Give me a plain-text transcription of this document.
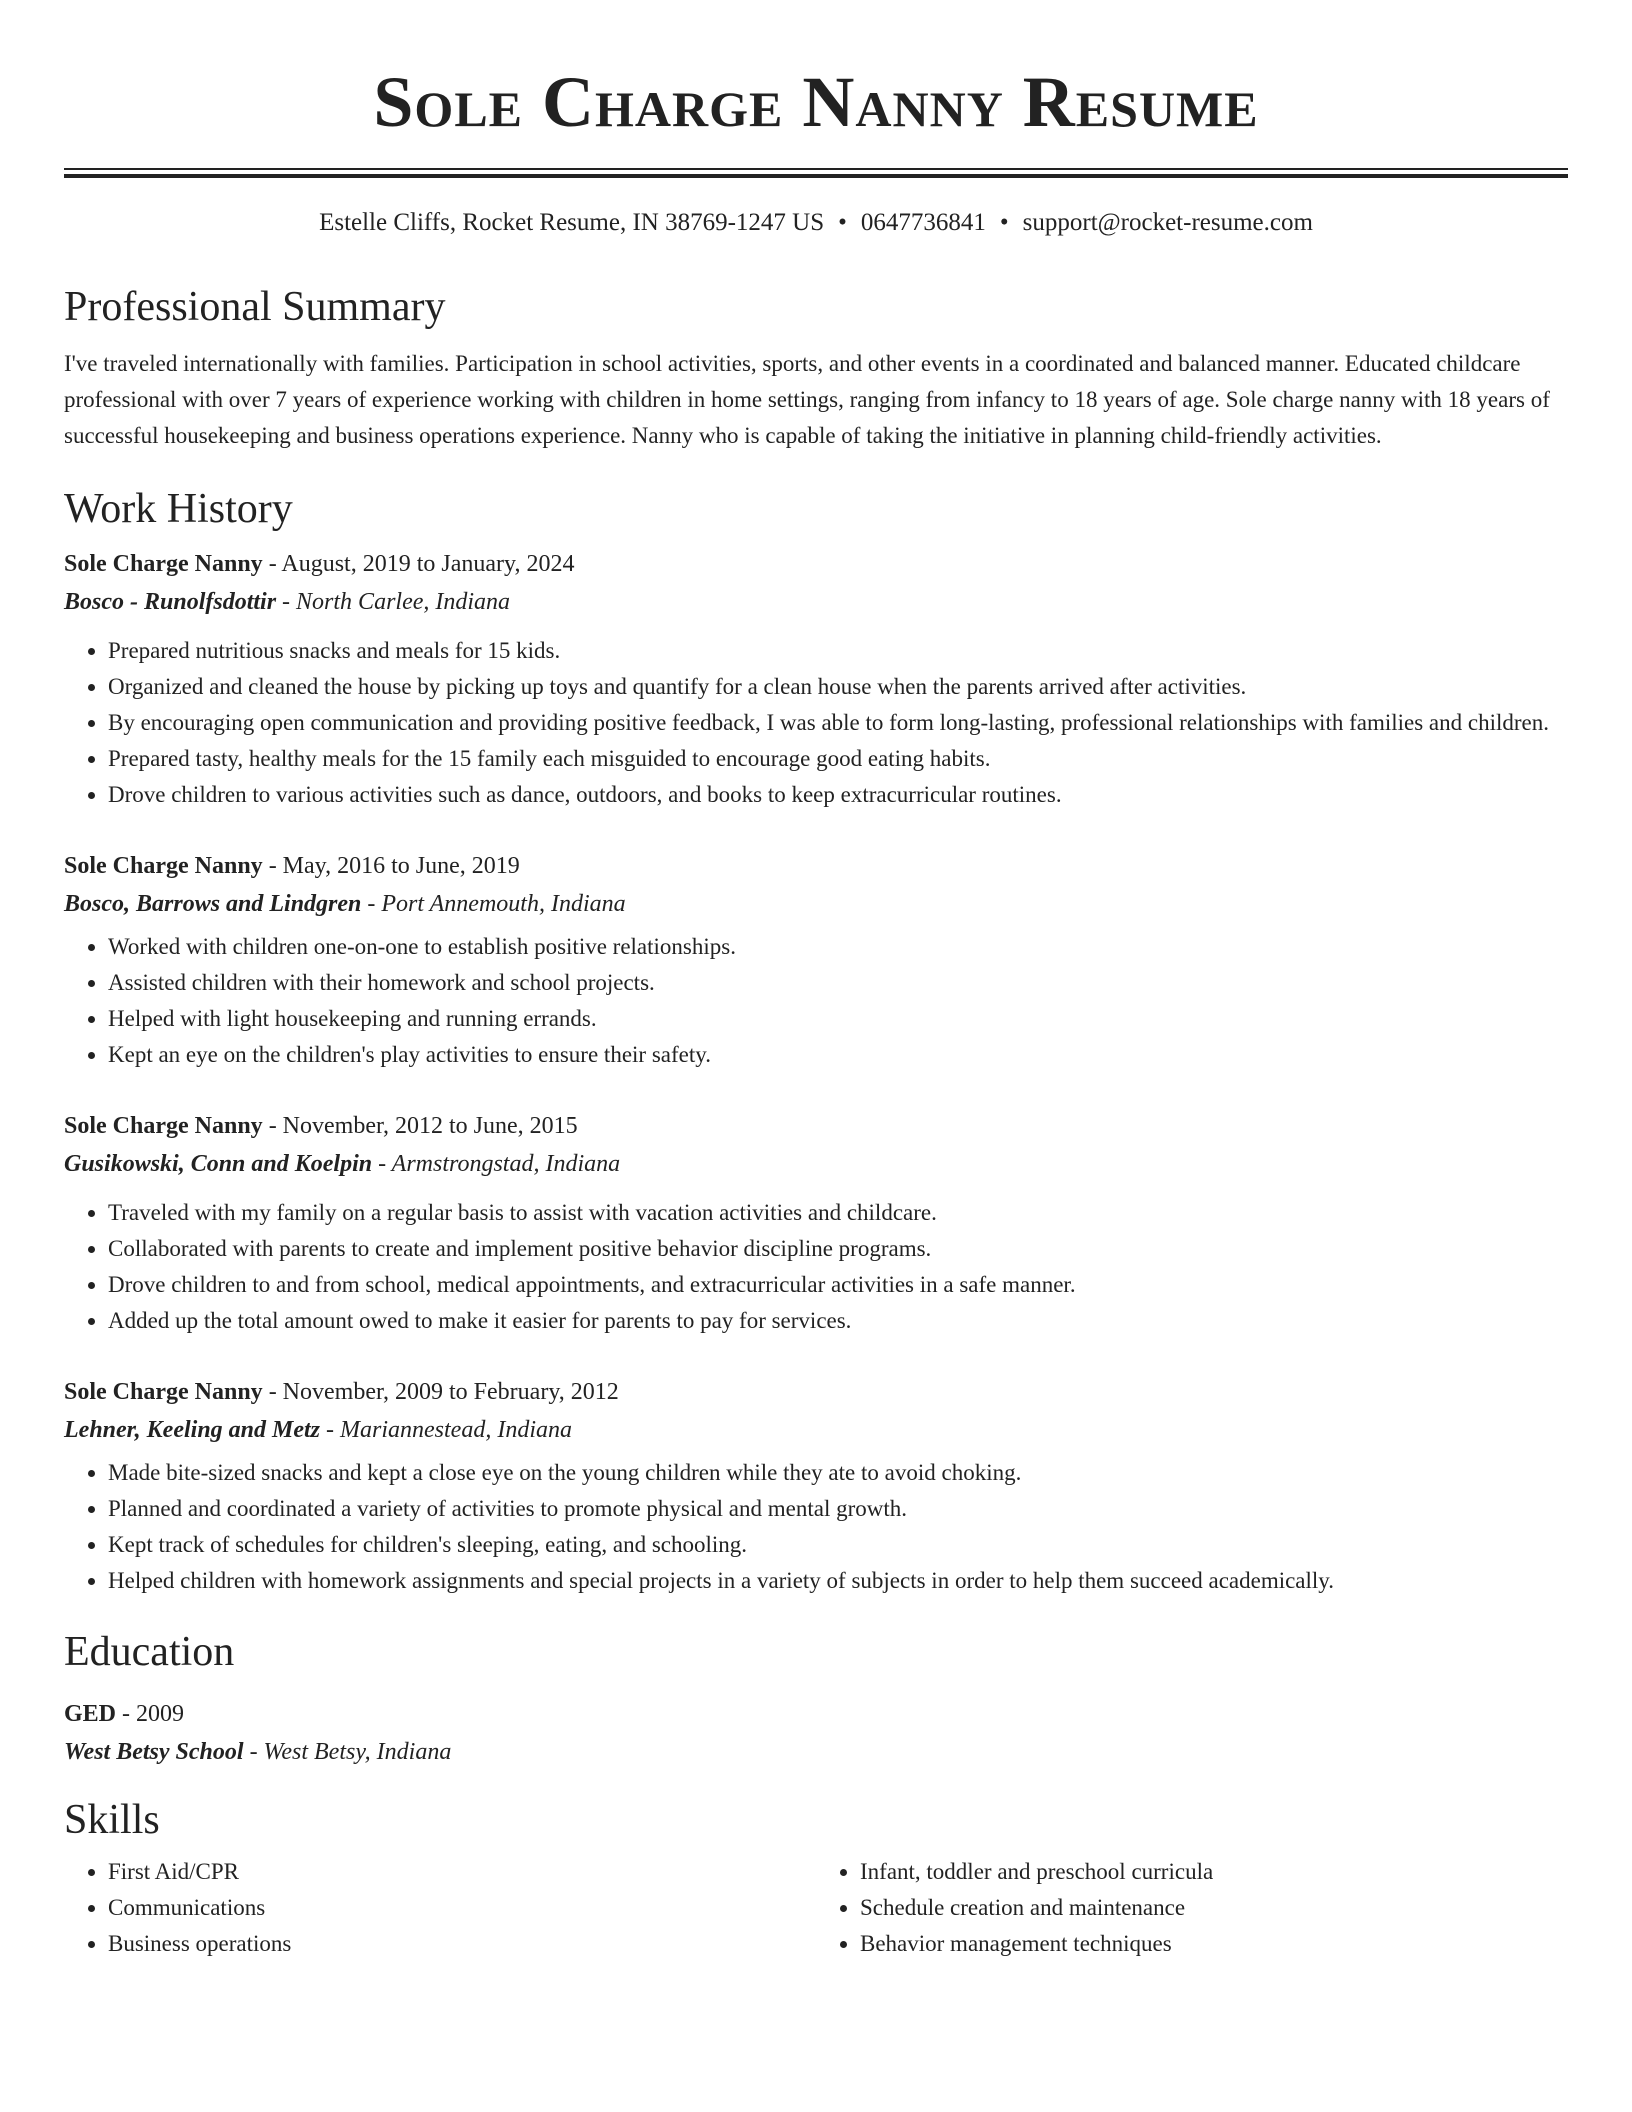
Sole Charge Nanny Resume
Estelle Cliffs, Rocket Resume, IN 38769-1247 US • 0647736841 • support@rocket-resume.com
Professional Summary

I've traveled internationally with families. Participation in school activities, sports, and other events in a coordinated and balanced manner. Educated childcare professional with over 7 years of experience working with children in home settings, ranging from infancy to 18 years of age. Sole charge nanny with 18 years of successful housekeeping and business operations experience. Nanny who is capable of taking the initiative in planning child-friendly activities.

Work History
Sole Charge Nanny - August, 2019 to January, 2024
Bosco - Runolfsdottir - North Carlee, Indiana
• Prepared nutritious snacks and meals for 15 kids.
• Organized and cleaned the house by picking up toys and quantify for a clean house when the parents arrived after activities.
• By encouraging open communication and providing positive feedback, I was able to form long-lasting, professional relationships with families and children.
• Prepared tasty, healthy meals for the 15 family each misguided to encourage good eating habits.
• Drove children to various activities such as dance, outdoors, and books to keep extracurricular routines.
Sole Charge Nanny - May, 2016 to June, 2019
Bosco, Barrows and Lindgren - Port Annemouth, Indiana
• Worked with children one-on-one to establish positive relationships.
• Assisted children with their homework and school projects.
• Helped with light housekeeping and running errands.
• Kept an eye on the children's play activities to ensure their safety.
Sole Charge Nanny - November, 2012 to June, 2015
Gusikowski, Conn and Koelpin - Armstrongstad, Indiana
• Traveled with my family on a regular basis to assist with vacation activities and childcare.
• Collaborated with parents to create and implement positive behavior discipline programs.
• Drove children to and from school, medical appointments, and extracurricular activities in a safe manner.
• Added up the total amount owed to make it easier for parents to pay for services.
Sole Charge Nanny - November, 2009 to February, 2012
Lehner, Keeling and Metz - Mariannestead, Indiana
• Made bite-sized snacks and kept a close eye on the young children while they ate to avoid choking.
• Planned and coordinated a variety of activities to promote physical and mental growth.
• Kept track of schedules for children's sleeping, eating, and schooling.
• Helped children with homework assignments and special projects in a variety of subjects in order to help them succeed academically.
Education
GED - 2009
West Betsy School - West Betsy, Indiana
Skills
• First Aid/CPR
• Communications
• Business operations
• Infant, toddler and preschool curricula
• Schedule creation and maintenance
• Behavior management techniques
